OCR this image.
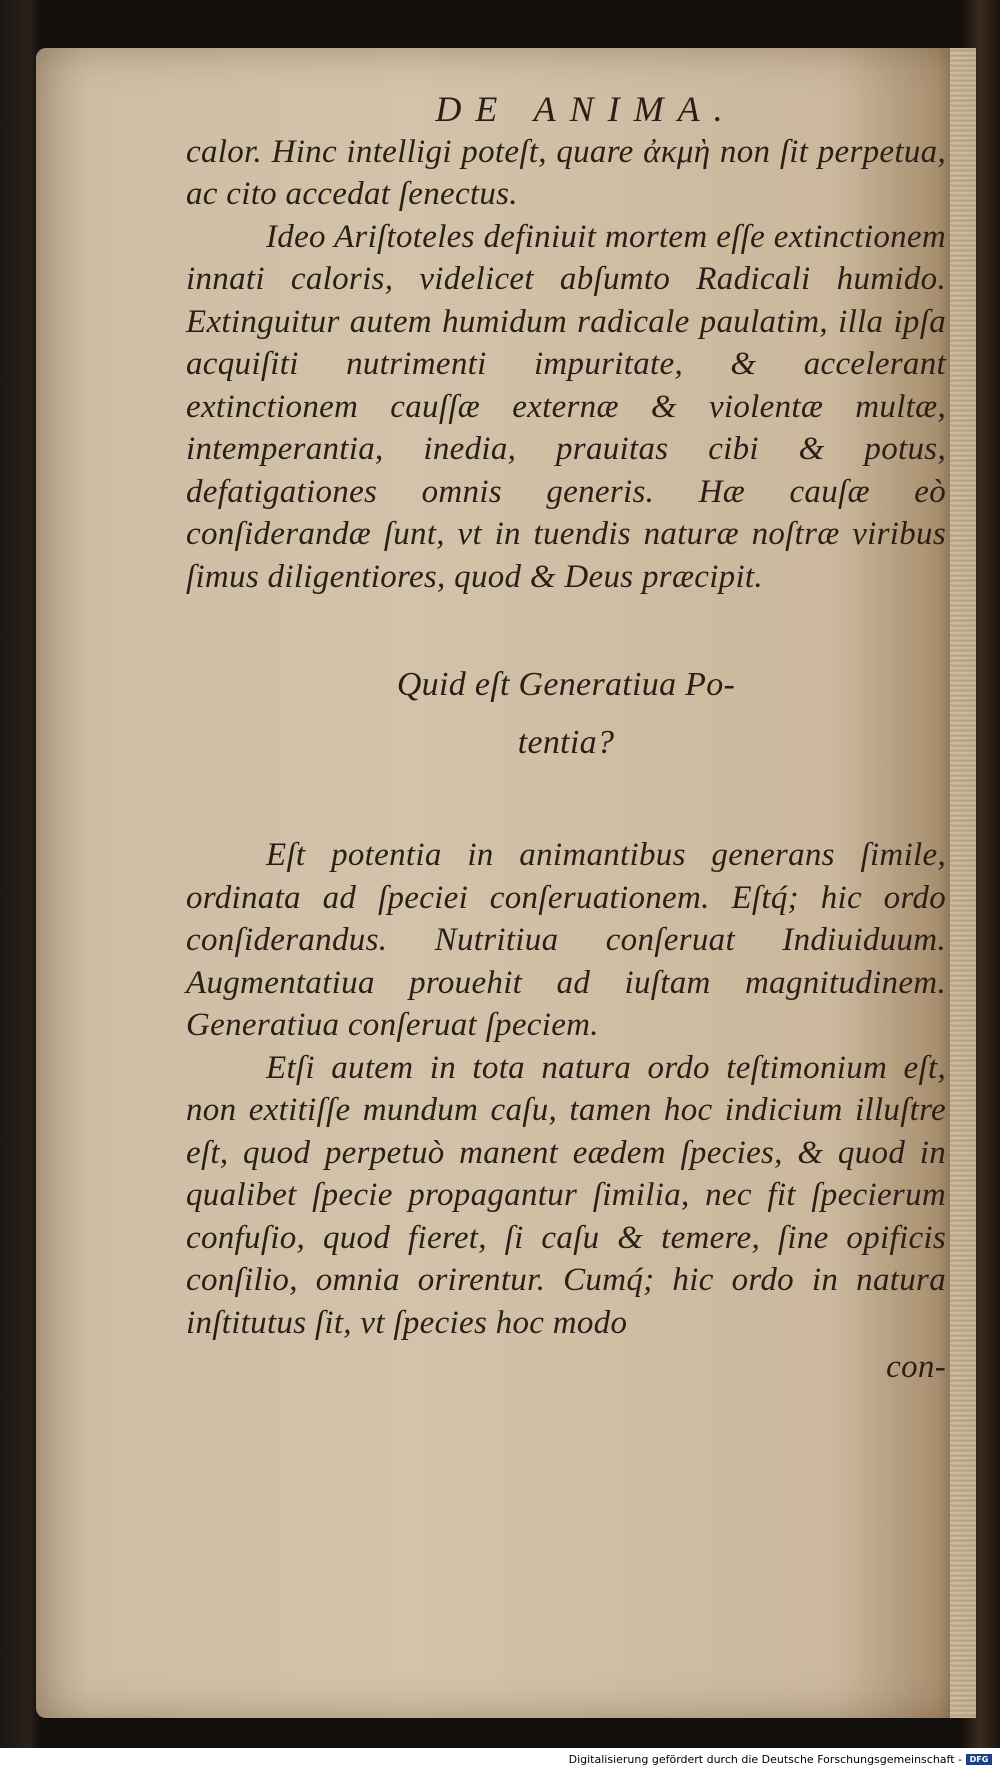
DE ANIMA.

calor. Hinc intelligi poteſt, quare ἀκμὴ non ſit perpetua, ac cito accedat ſenectus.

Ideo Ariſtoteles definiuit mortem eſſe extinctionem innati caloris, videlicet abſumto Radicali humido. Extinguitur autem humidum radicale paulatim, illa ipſa acquiſiti nutrimenti impuritate, & accelerant extinctionem cauſſæ externæ & violentæ multæ, intemperantia, inedia, prauitas cibi & potus, defatigationes omnis generis. Hæ cauſæ eò conſiderandæ ſunt, vt in tuendis naturæ noſtræ viribus ſimus diligentiores, quod & Deus præcipit.

Quid eſt Generatiua Po-
tentia?

Eſt potentia in animantibus generans ſimile, ordinata ad ſpeciei conſeruationem. Eſtq́; hic ordo conſiderandus. Nutritiua conſeruat Indiuiduum. Augmentatiua prouehit ad iuſtam magnitudinem. Generatiua conſeruat ſpeciem.

Etſi autem in tota natura ordo teſtimonium eſt, non extitiſſe mundum caſu, tamen hoc indicium illuſtre eſt, quod perpetuò manent eædem ſpecies, & quod in qualibet ſpecie propagantur ſimilia, nec fit ſpecierum confuſio, quod fieret, ſi caſu & temere, ſine opificis conſilio, omnia orirentur. Cumq́; hic ordo in natura inſtitutus ſit, vt ſpecies hoc modo

con-
Digitalisierung gefördert durch die Deutsche Forschungsgemeinschaft - DFG
